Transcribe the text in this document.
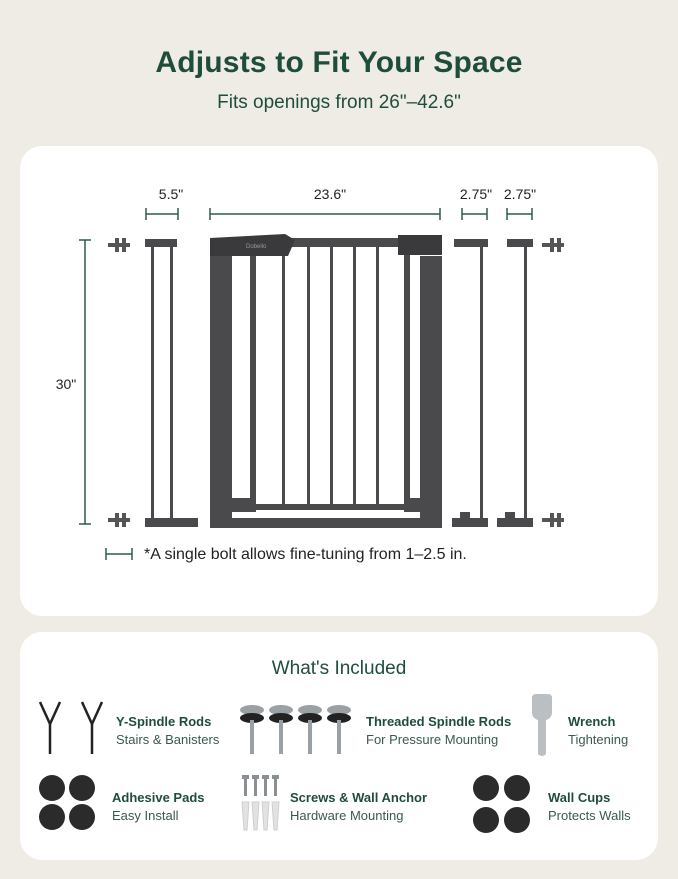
Adjusts to Fit Your Space
Fits openings from 26"–42.6"
5.5"	23.6"	2.75" 2.75"
30"
Dobello
*A single bolt allows fine-tuning from 1–2.5 in.
What's Included
Y-Spindle Rods
Stairs & Banisters
Threaded Spindle Rods
For Pressure Mounting
Wrench
Tightening
Adhesive Pads
Easy Install
Screws & Wall Anchor
Hardware Mounting
Wall Cups
Protects Walls
